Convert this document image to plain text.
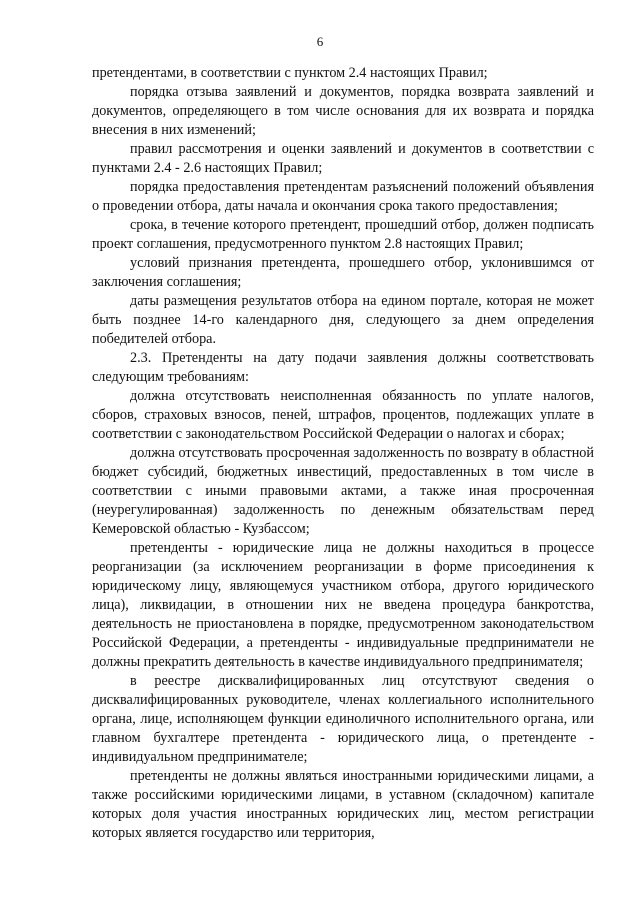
6

претендентами, в соответствии с пунктом 2.4 настоящих Правил;

порядка отзыва заявлений и документов, порядка возврата заявлений и документов, определяющего в том числе основания для их возврата и порядка внесения в них изменений;

правил рассмотрения и оценки заявлений и документов в соответствии с пунктами 2.4 - 2.6 настоящих Правил;

порядка предоставления претендентам разъяснений положений объявления о проведении отбора, даты начала и окончания срока такого предоставления;

срока, в течение которого претендент, прошедший отбор, должен подписать проект соглашения, предусмотренного пунктом 2.8 настоящих Правил;

условий признания претендента, прошедшего отбор, уклонившимся от заключения соглашения;

даты размещения результатов отбора на едином портале, которая не может быть позднее 14-го календарного дня, следующего за днем определения победителей отбора.

2.3. Претенденты на дату подачи заявления должны соответствовать следующим требованиям:

должна отсутствовать неисполненная обязанность по уплате налогов, сборов, страховых взносов, пеней, штрафов, процентов, подлежащих уплате в соответствии с законодательством Российской Федерации о налогах и сборах;

должна отсутствовать просроченная задолженность по возврату в областной бюджет субсидий, бюджетных инвестиций, предоставленных в том числе в соответствии с иными правовыми актами, а также иная просроченная (неурегулированная) задолженность по денежным обязательствам перед Кемеровской областью - Кузбассом;

претенденты - юридические лица не должны находиться в процессе реорганизации (за исключением реорганизации в форме присоединения к юридическому лицу, являющемуся участником отбора, другого юридического лица), ликвидации, в отношении них не введена процедура банкротства, деятельность не приостановлена в порядке, предусмотренном законодательством Российской Федерации, а претенденты - индивидуальные предприниматели не должны прекратить деятельность в качестве индивидуального предпринимателя;

в реестре дисквалифицированных лиц отсутствуют сведения о дисквалифицированных руководителе, членах коллегиального исполнительного органа, лице, исполняющем функции единоличного исполнительного органа, или главном бухгалтере претендента - юридического лица, о претенденте - индивидуальном предпринимателе;

претенденты не должны являться иностранными юридическими лицами, а также российскими юридическими лицами, в уставном (складочном) капитале которых доля участия иностранных юридических лиц, местом регистрации которых является государство или территория,
